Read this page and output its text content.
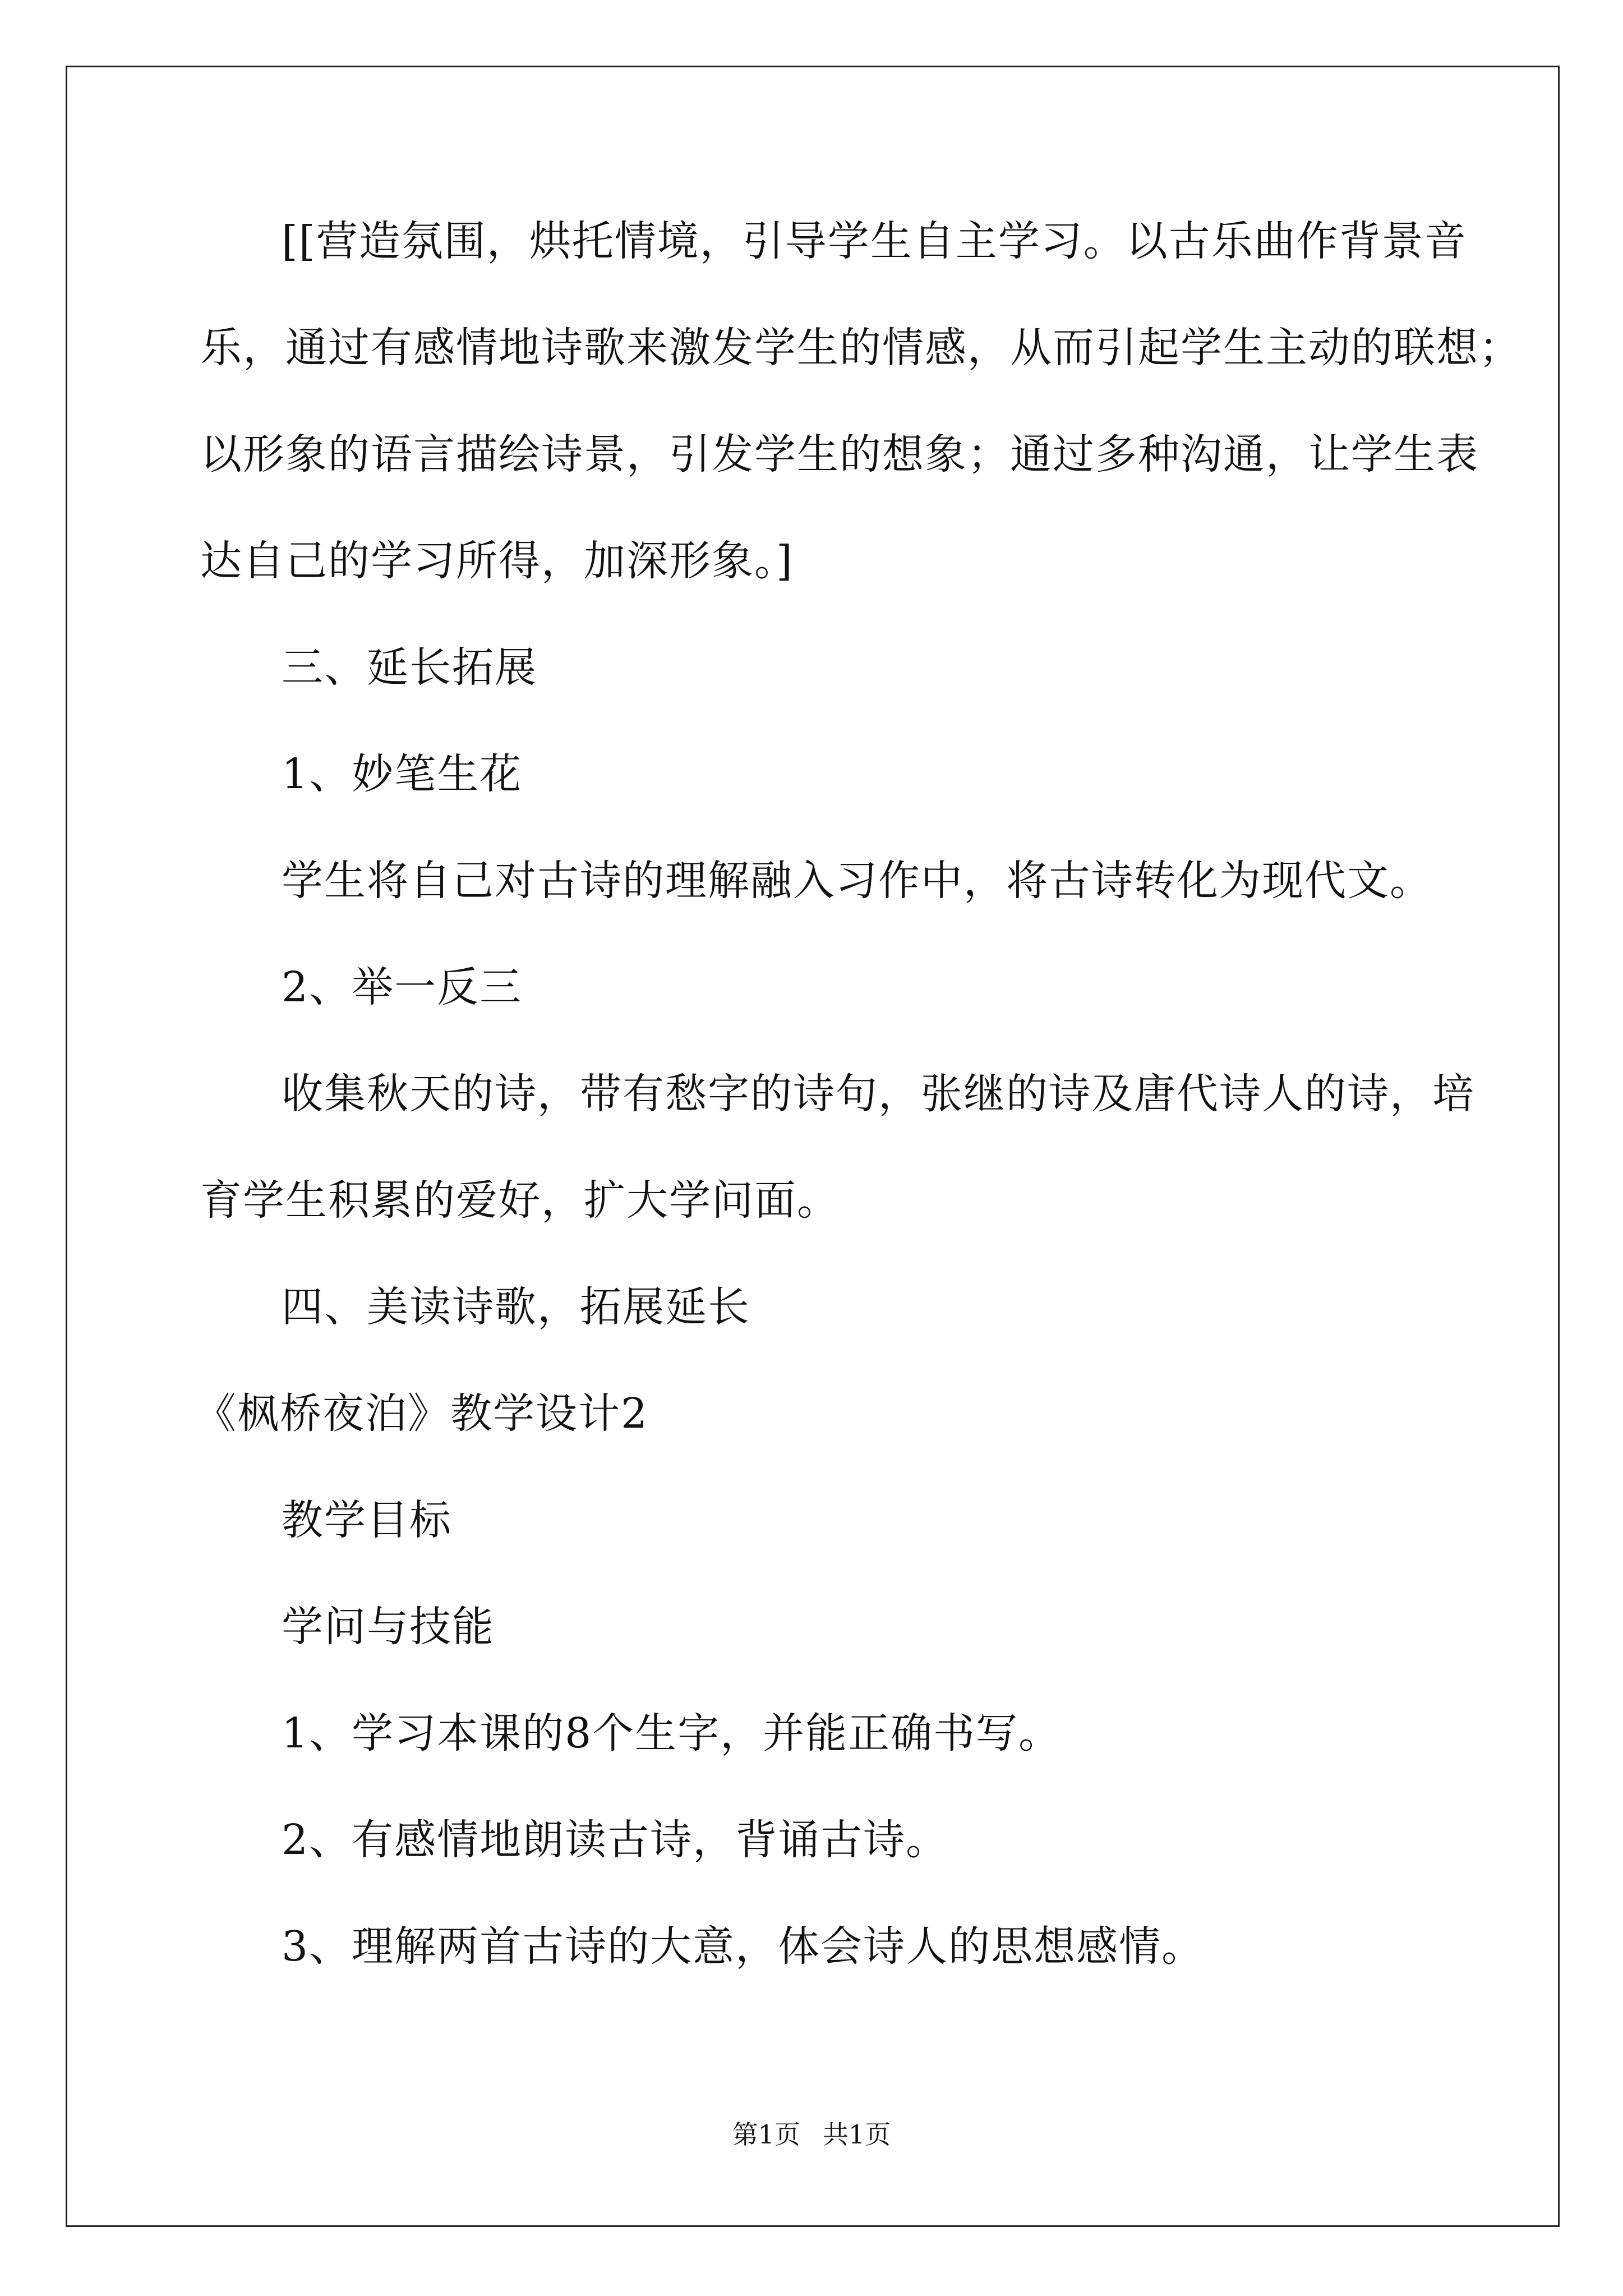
[[营造氛围，烘托情境，引导学生自主学习。以古乐曲作背景音
乐，通过有感情地诗歌来激发学生的情感，从而引起学生主动的联想；
以形象的语言描绘诗景，引发学生的想象；通过多种沟通，让学生表
达自己的学习所得，加深形象。]
三、延长拓展
1、妙笔生花
学生将自己对古诗的理解融入习作中，将古诗转化为现代文。
2、举一反三
收集秋天的诗，带有愁字的诗句，张继的诗及唐代诗人的诗，培
育学生积累的爱好，扩大学问面。
四、美读诗歌，拓展延长
《枫桥夜泊》教学设计2
教学目标
学问与技能
1、学习本课的8个生字，并能正确书写。
2、有感情地朗读古诗，背诵古诗。
3、理解两首古诗的大意，体会诗人的思想感情。
第1页 共1页
